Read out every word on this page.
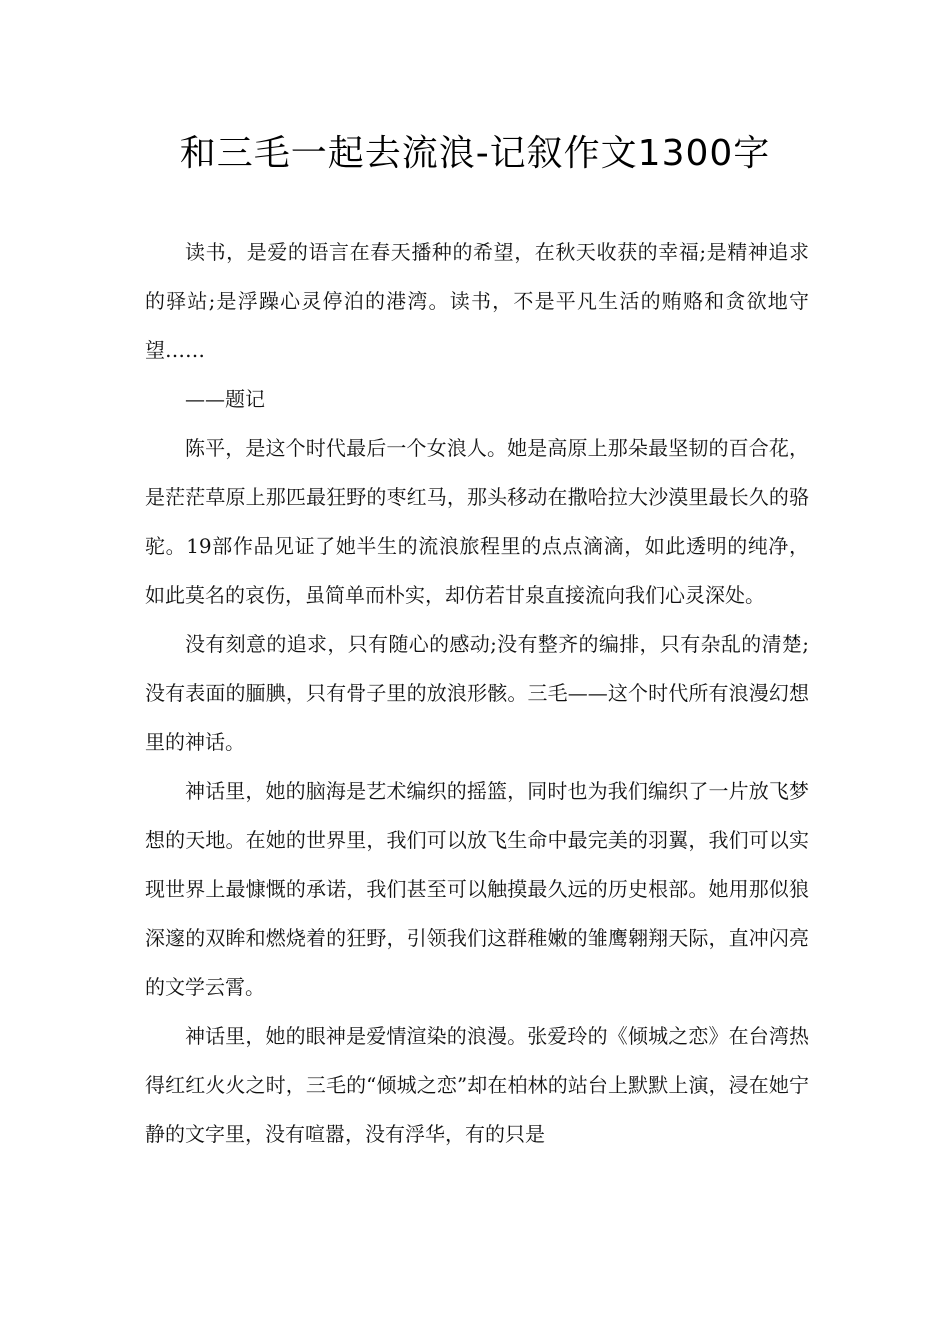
和三毛一起去流浪-记叙作文1300字

读书，是爱的语言在春天播种的希望，在秋天收获的幸福;是精神追求的驿站;是浮躁心灵停泊的港湾。读书，不是平凡生活的贿赂和贪欲地守望……

——题记

陈平，是这个时代最后一个女浪人。她是高原上那朵最坚韧的百合花，是茫茫草原上那匹最狂野的枣红马，那头移动在撒哈拉大沙漠里最长久的骆驼。19部作品见证了她半生的流浪旅程里的点点滴滴，如此透明的纯净，如此莫名的哀伤，虽简单而朴实，却仿若甘泉直接流向我们心灵深处。

没有刻意的追求，只有随心的感动;没有整齐的编排，只有杂乱的清楚;没有表面的腼腆，只有骨子里的放浪形骸。三毛——这个时代所有浪漫幻想里的神话。

神话里，她的脑海是艺术编织的摇篮，同时也为我们编织了一片放飞梦想的天地。在她的世界里，我们可以放飞生命中最完美的羽翼，我们可以实现世界上最慷慨的承诺，我们甚至可以触摸最久远的历史根部。她用那似狼深邃的双眸和燃烧着的狂野，引领我们这群稚嫩的雏鹰翱翔天际，直冲闪亮的文学云霄。

神话里，她的眼神是爱情渲染的浪漫。张爱玲的《倾城之恋》在台湾热得红红火火之时，三毛的“倾城之恋”却在柏林的站台上默默上演，浸在她宁静的文字里，没有喧嚣，没有浮华，有的只是
